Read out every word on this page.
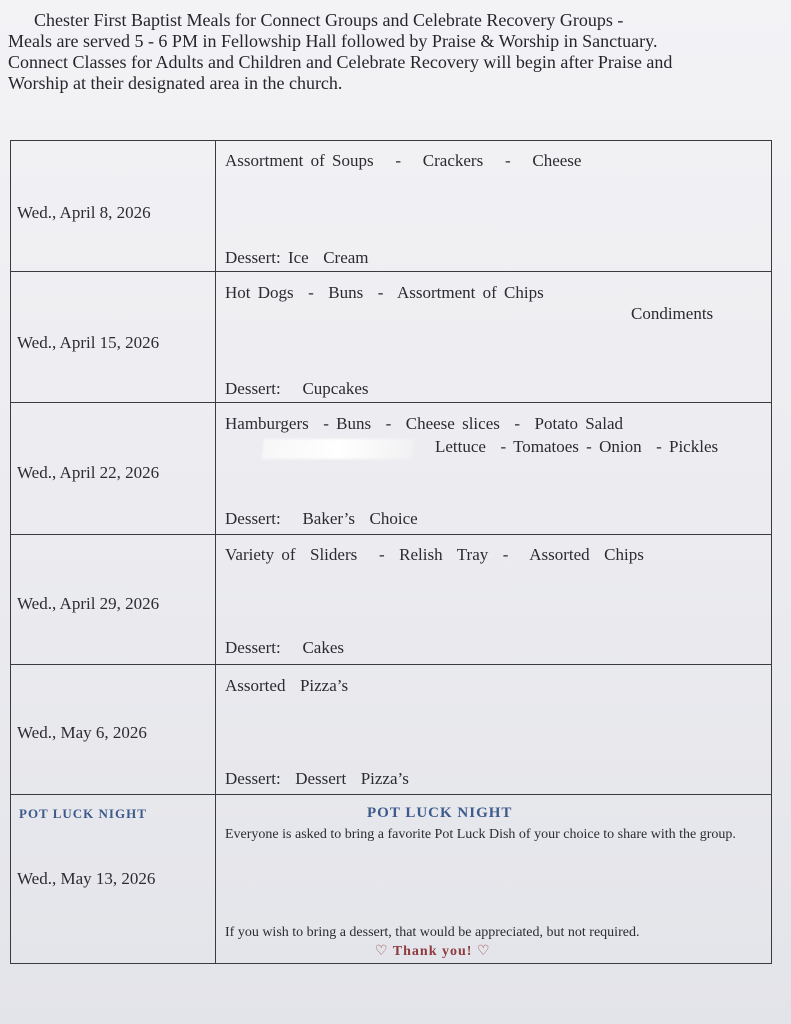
Chester First Baptist Meals for Connect Groups and Celebrate Recovery Groups -
Meals are served 5 - 6 PM in Fellowship Hall followed by Praise & Worship in Sanctuary.
Connect Classes for Adults and Children and Celebrate Recovery will begin after Praise and
Worship at their designated area in the church.
Wed., April 8, 2026
Assortment of Soups   -   Crackers   -   Cheese
Dessert: Ice  Cream
Wed., April 15, 2026
Hot Dogs  -  Buns  -  Assortment of Chips
Condiments
Dessert:   Cupcakes
Wed., April 22, 2026
Hamburgers  - Buns  -  Cheese slices  -  Potato Salad
Lettuce  - Tomatoes - Onion  - Pickles
Dessert:   Baker’s  Choice
Wed., April 29, 2026
Variety of  Sliders   -  Relish  Tray  -   Assorted  Chips
Dessert:   Cakes
Wed., May 6, 2026
Assorted  Pizza’s
Dessert:  Dessert  Pizza’s
POT LUCK NIGHT
Wed., May 13, 2026
POT LUCK NIGHT
Everyone is asked to bring a favorite Pot Luck Dish of your choice to share with the group.
If you wish to bring a dessert, that would be appreciated, but not required.
♡ Thank you! ♡
